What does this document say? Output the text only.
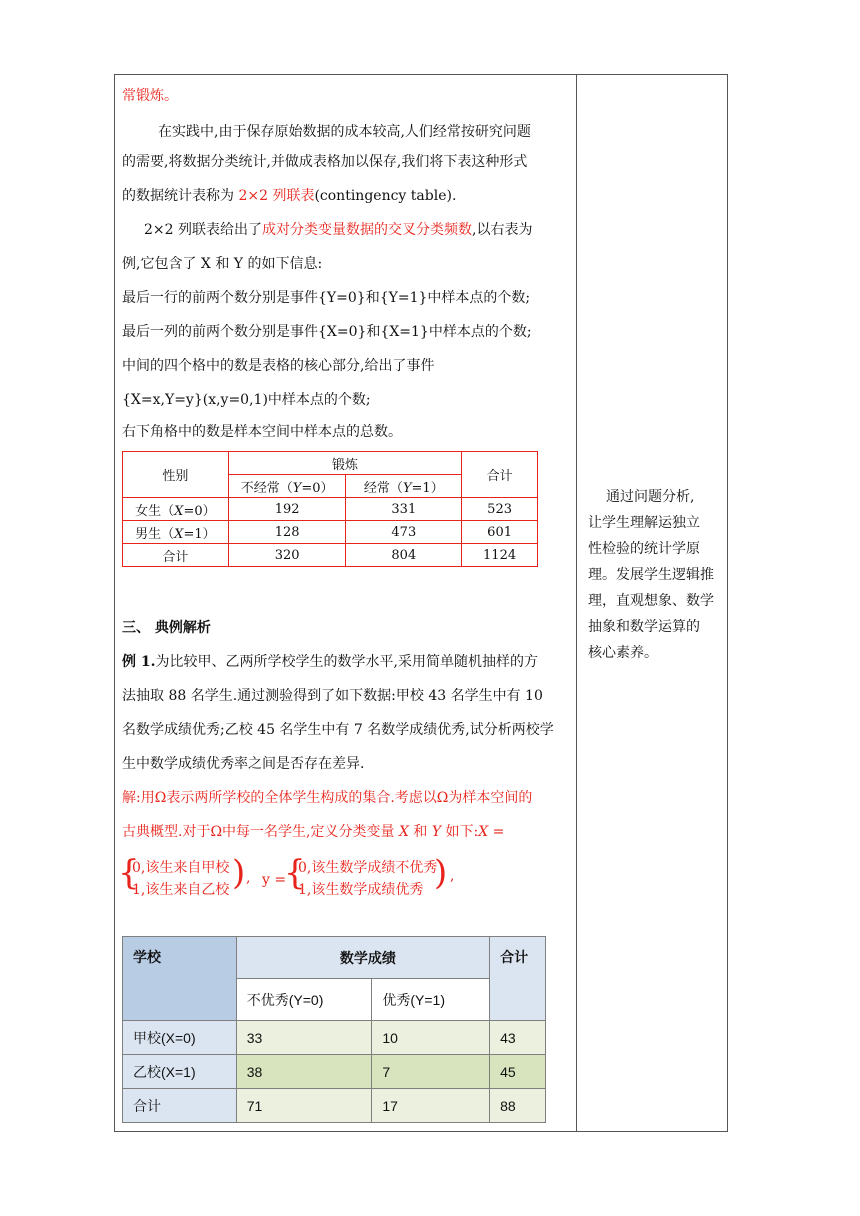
常锻炼。
在实践中,由于保存原始数据的成本较高,人们经常按研究问题
的需要,将数据分类统计,并做成表格加以保存,我们将下表这种形式
的数据统计表称为 2×2 列联表(contingency table).
2×2 列联表给出了成对分类变量数据的交叉分类频数,以右表为
例,它包含了 X 和 Y 的如下信息:
最后一行的前两个数分别是事件{Y=0}和{Y=1}中样本点的个数;
最后一列的前两个数分别是事件{X=0}和{X=1}中样本点的个数;
中间的四个格中的数是表格的核心部分,给出了事件
{X=x,Y=y}(x,y=0,1)中样本点的个数;
右下角格中的数是样本空间中样本点的总数。
性别	锻炼		合计
	不经常（Y=0）	经常（Y=1）	
女生（X=0）	192	331	523
男生（X=1）	128	473	601
合计	320	804	1124
三、 典例解析
例 1.为比较甲、乙两所学校学生的数学水平,采用简单随机抽样的方
法抽取 88 名学生.通过测验得到了如下数据:甲校 43 名学生中有 10
名数学成绩优秀;乙校 45 名学生中有 7 名数学成绩优秀,试分析两校学
生中数学成绩优秀率之间是否存在差异.
解:用Ω表示两所学校的全体学生构成的集合.考虑以Ω为样本空间的
古典概型.对于Ω中每一名学生,定义分类变量 X 和 Y 如下:X =
{
0,该生来自甲校
1,该生来自乙校 ) , y =
{
0,该生数学成绩不优秀
1,该生数学成绩优秀 ) ,
学校	数学成绩		合计
	不优秀(Y=0)	优秀(Y=1)	
甲校(X=0)	33	10	43
乙校(X=1)	38	7	45
合计	71	17	88
通过问题分析,
让学生理解运独立
性检验的统计学原
理。发展学生逻辑推
理，直观想象、数学
抽象和数学运算的
核心素养。
